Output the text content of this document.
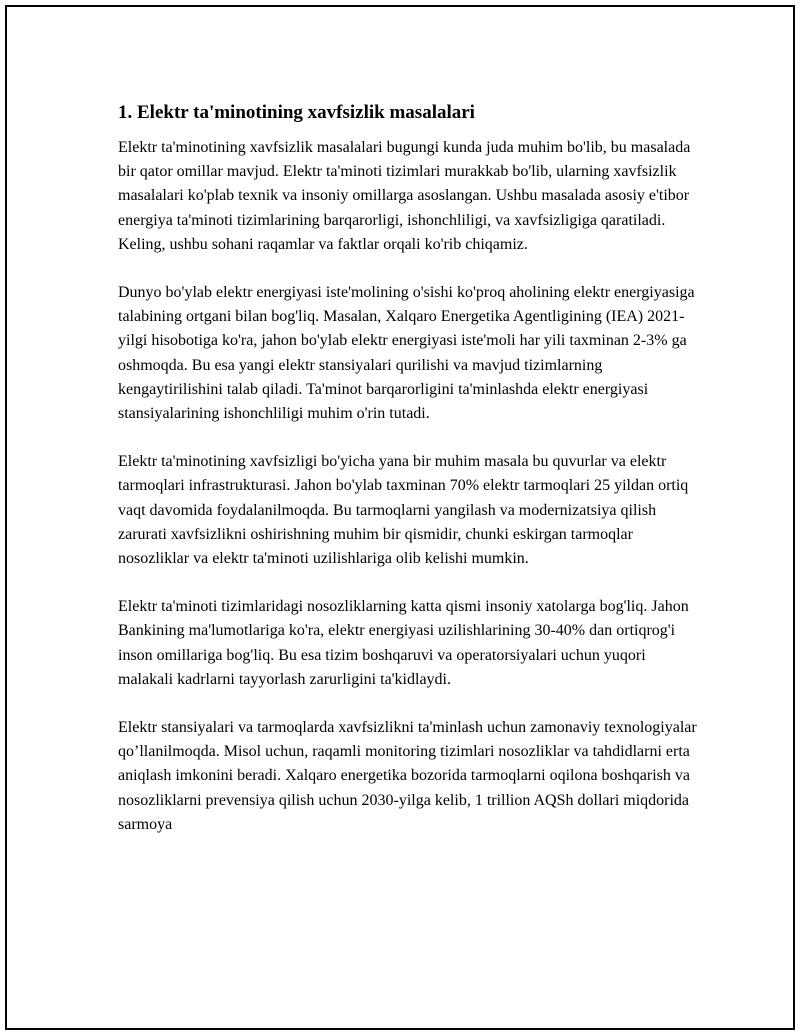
1. Elektr ta'minotining xavfsizlik masalalari

Elektr ta'minotining xavfsizlik masalalari bugungi kunda juda muhim bo'lib, bu masalada bir qator omillar mavjud. Elektr ta'minoti tizimlari murakkab bo'lib, ularning xavfsizlik masalalari ko'plab texnik va insoniy omillarga asoslangan. Ushbu masalada asosiy e'tibor energiya ta'minoti tizimlarining barqarorligi, ishonchliligi, va xavfsizligiga qaratiladi. Keling, ushbu sohani raqamlar va faktlar orqali ko'rib chiqamiz.

Dunyo bo'ylab elektr energiyasi iste'molining o'sishi ko'proq aholining elektr energiyasiga talabining ortgani bilan bog'liq. Masalan, Xalqaro Energetika Agentligining (IEA) 2021-yilgi hisobotiga ko'ra, jahon bo'ylab elektr energiyasi iste'moli har yili taxminan 2-3% ga oshmoqda. Bu esa yangi elektr stansiyalari qurilishi va mavjud tizimlarning kengaytirilishini talab qiladi. Ta'minot barqarorligini ta'minlashda elektr energiyasi stansiyalarining ishonchliligi muhim o'rin tutadi.

Elektr ta'minotining xavfsizligi bo'yicha yana bir muhim masala bu quvurlar va elektr tarmoqlari infrastrukturasi. Jahon bo'ylab taxminan 70% elektr tarmoqlari 25 yildan ortiq vaqt davomida foydalanilmoqda. Bu tarmoqlarni yangilash va modernizatsiya qilish zarurati xavfsizlikni oshirishning muhim bir qismidir, chunki eskirgan tarmoqlar nosozliklar va elektr ta'minoti uzilishlariga olib kelishi mumkin.

Elektr ta'minoti tizimlaridagi nosozliklarning katta qismi insoniy xatolarga bog'liq. Jahon Bankining ma'lumotlariga ko'ra, elektr energiyasi uzilishlarining 30-40% dan ortiqrog'i inson omillariga bog'liq. Bu esa tizim boshqaruvi va operatorsiyalari uchun yuqori malakali kadrlarni tayyorlash zarurligini ta'kidlaydi.

Elektr stansiyalari va tarmoqlarda xavfsizlikni ta'minlash uchun zamonaviy texnologiyalar qo’llanilmoqda. Misol uchun, raqamli monitoring tizimlari nosozliklar va tahdidlarni erta aniqlash imkonini beradi. Xalqaro energetika bozorida tarmoqlarni oqilona boshqarish va nosozliklarni prevensiya qilish uchun 2030-yilga kelib, 1 trillion AQSh dollari miqdorida sarmoya
